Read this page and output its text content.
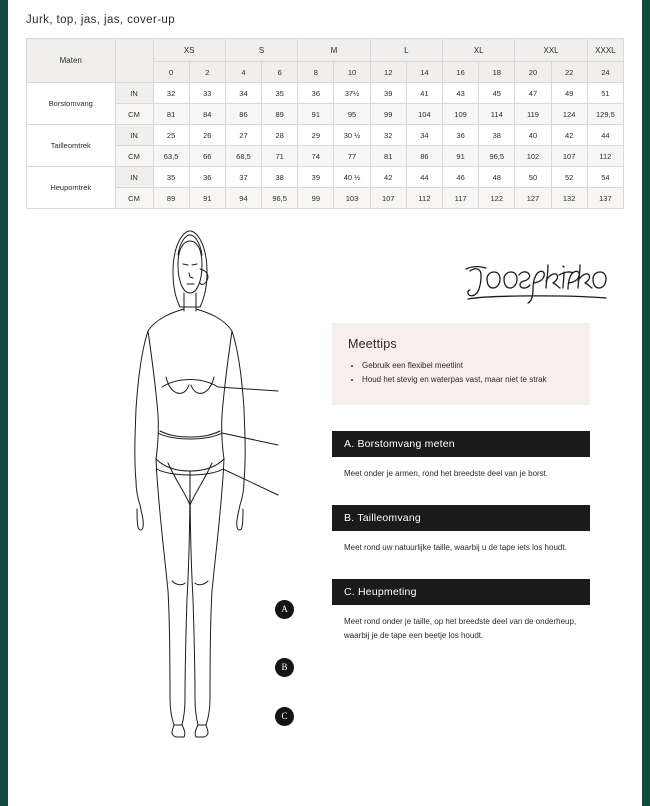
Jurk, top, jas, jas, cover-up
Maten		XS		S		M		L		XL		XXL		XXXL
		0	2	4	6	8	10	12	14	16	18	20	22	24
Borstomvang	IN	32	33	34	35	36	37½	39	41	43	45	47	49	51
	CM	81	84	86	89	91	95	99	104	109	114	119	124	129,5
Tailleomtrek	IN	25	26	27	28	29	30 ½	32	34	36	38	40	42	44
	CM	63,5	66	68,5	71	74	77	81	86	91	96,5	102	107	112
Heupomtrek	IN	35	36	37	38	39	40 ½	42	44	46	48	50	52	54
	CM	89	91	94	96,5	99	103	107	112	117	122	127	132	137
A
B
C
Meettips
• Gebruik een flexibel meetlint
• Houd het stevig en waterpas vast, maar niet te strak
A. Borstomvang meten
Meet onder je armen, rond het breedste deel van je borst.
B. Tailleomvang
Meet rond uw natuurlijke taille, waarbij u de tape iets los houdt.
C. Heupmeting
Meet rond onder je taille, op het breedste deel van de onderheup, waarbij je de tape een beetje los houdt.
